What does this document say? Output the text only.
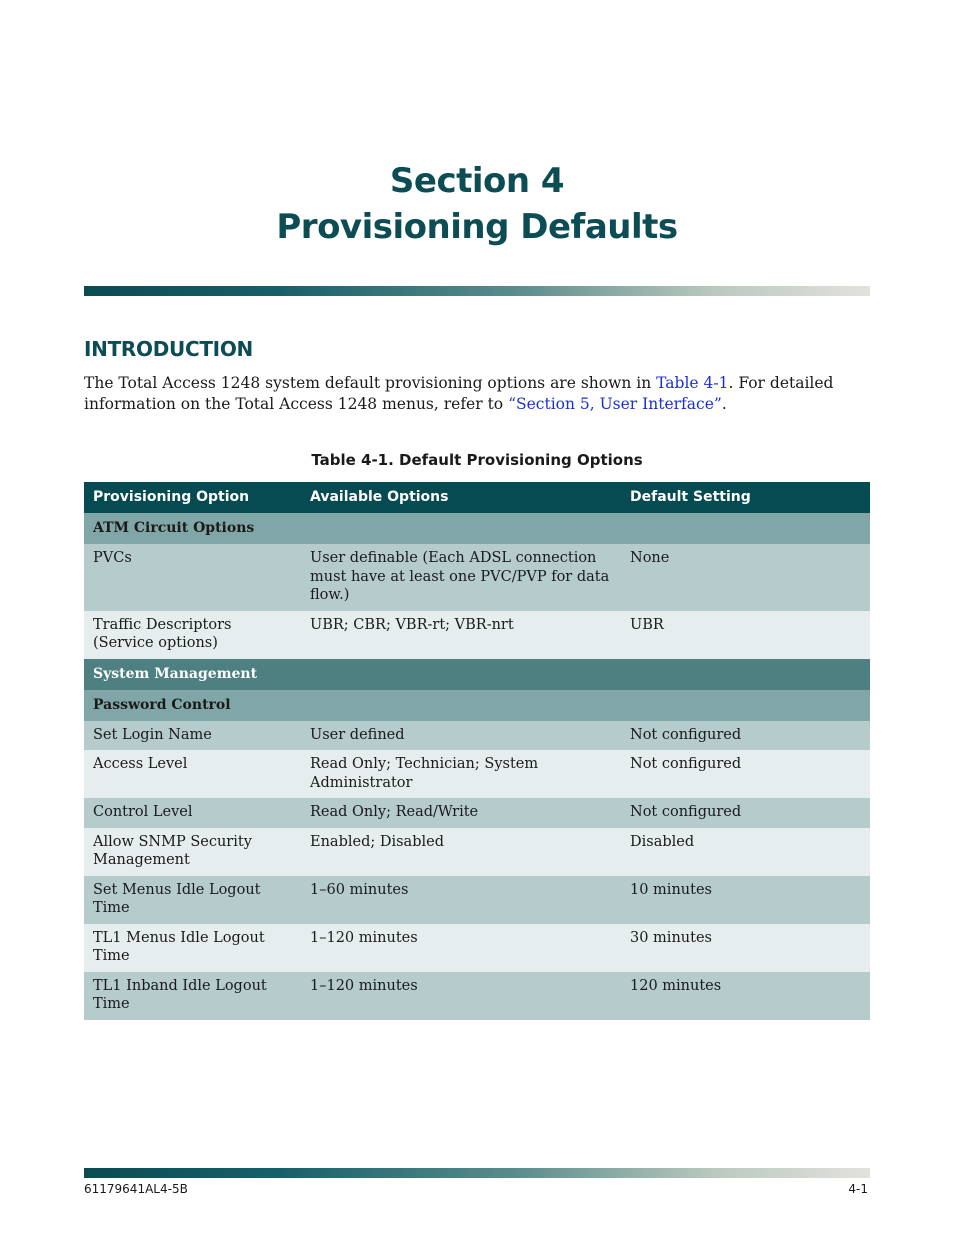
Section 4
Provisioning Defaults
INTRODUCTION

The Total Access 1248 system default provisioning options are shown in Table 4-1. For detailed information on the Total Access 1248 menus, refer to “Section 5, User Interface”.

Table 4-1. Default Provisioning Options
Provisioning Option	Available Options	Default Setting
ATM Circuit Options		
PVCs	User definable (Each ADSL connection must have at least one PVC/PVP for data flow.)	None
Traffic Descriptors (Service options)	UBR; CBR; VBR-rt; VBR-nrt	UBR
System Management		
Password Control		
Set Login Name	User defined	Not configured
Access Level	Read Only; Technician; System Administrator	Not configured
Control Level	Read Only; Read/Write	Not configured
Allow SNMP Security Management	Enabled; Disabled	Disabled
Set Menus Idle Logout Time	1–60 minutes	10 minutes
TL1 Menus Idle Logout Time	1–120 minutes	30 minutes
TL1 Inband Idle Logout Time	1–120 minutes	120 minutes
61179641AL4-5B	4-1
